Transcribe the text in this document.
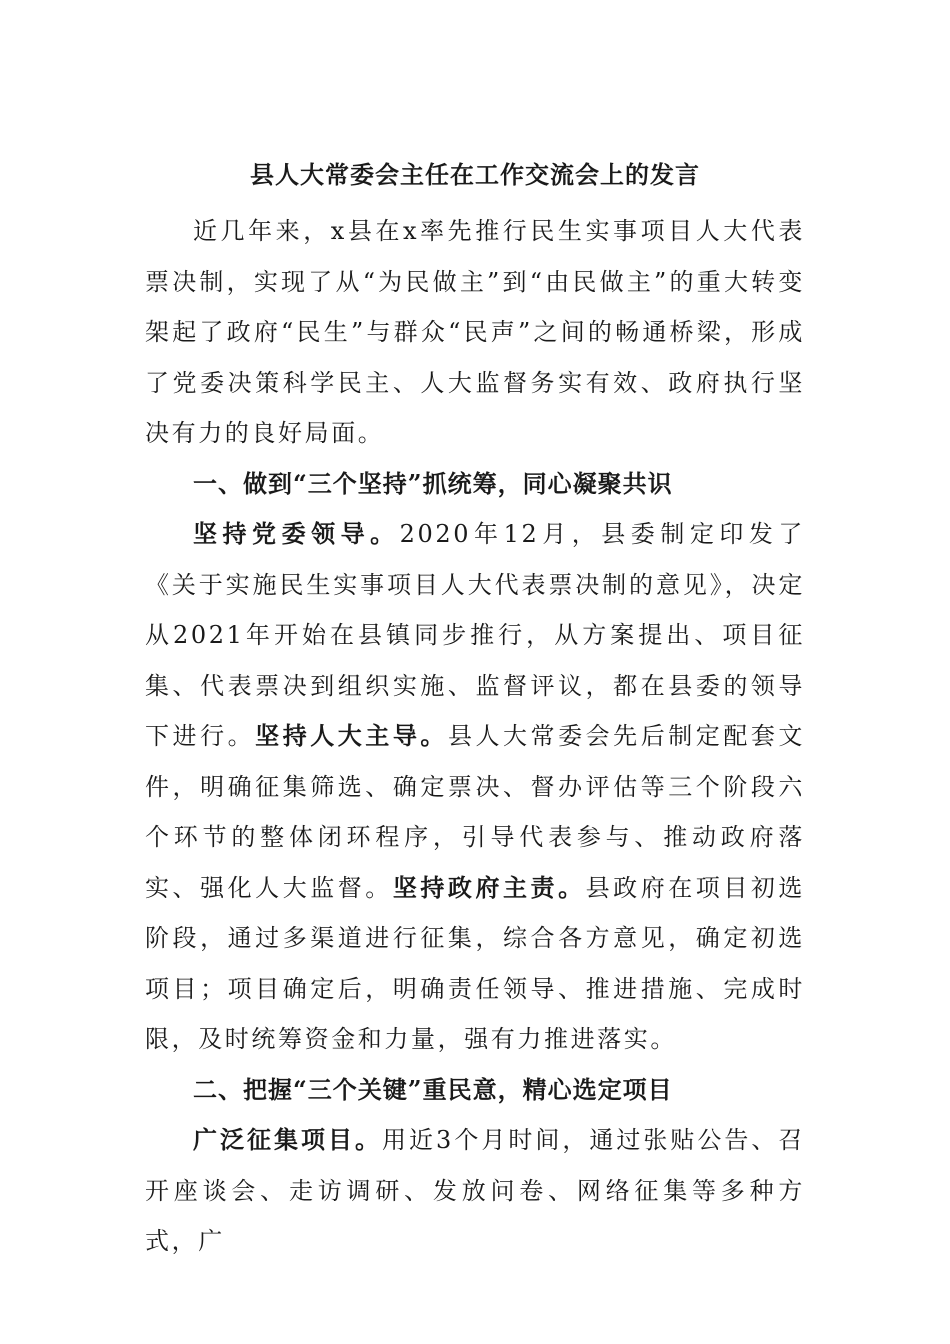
县人大常委会主任在工作交流会上的发言

近几年来，x县在x率先推行民生实事项目人大代表票决制，实现了从“为民做主”到“由民做主”的重大转变架起了政府“民生”与群众“民声”之间的畅通桥梁，形成了党委决策科学民主、人大监督务实有效、政府执行坚决有力的良好局面。

一、做到“三个坚持”抓统筹，同心凝聚共识

坚持党委领导。2020年12月，县委制定印发了《关于实施民生实事项目人大代表票决制的意见》，决定从2021年开始在县镇同步推行，从方案提出、项目征集、代表票决到组织实施、监督评议，都在县委的领导下进行。坚持人大主导。县人大常委会先后制定配套文件，明确征集筛选、确定票决、督办评估等三个阶段六个环节的整体闭环程序，引导代表参与、推动政府落实、强化人大监督。坚持政府主责。县政府在项目初选阶段，通过多渠道进行征集，综合各方意见，确定初选项目；项目确定后，明确责任领导、推进措施、完成时限，及时统筹资金和力量，强有力推进落实。

二、把握“三个关键”重民意，精心选定项目

广泛征集项目。用近3个月时间，通过张贴公告、召开座谈会、走访调研、发放问卷、网络征集等多种方式，广
